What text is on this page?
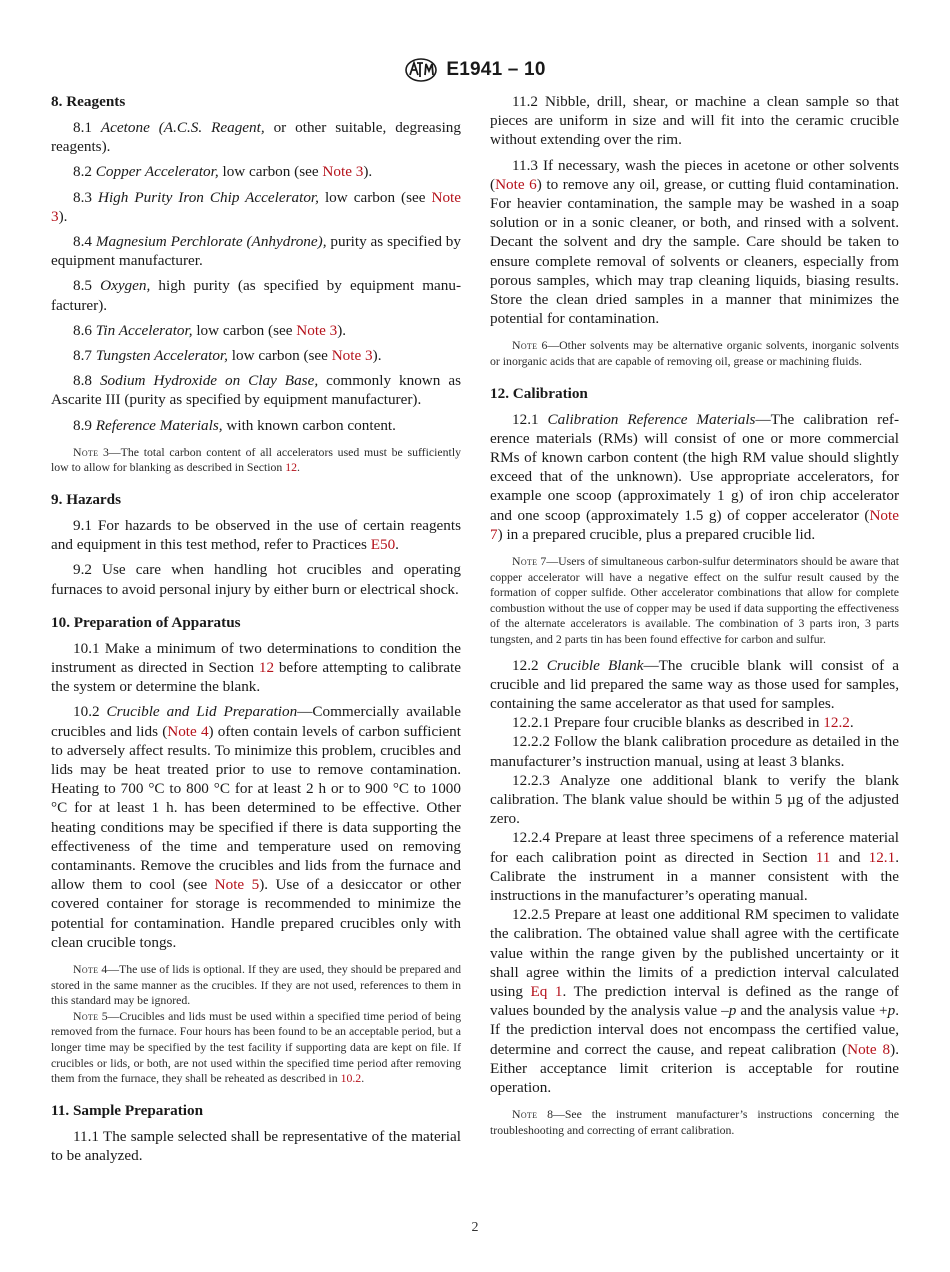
E1941 – 10
8. Reagents

8.1 Acetone (A.C.S. Reagent, or other suitable, degreasing reagents).

8.2 Copper Accelerator, low carbon (see Note 3).

8.3 High Purity Iron Chip Accelerator, low carbon (see Note 3).

8.4 Magnesium Perchlorate (Anhydrone), purity as specified by equipment manufacturer.

8.5 Oxygen, high purity (as specified by equipment manufacturer).

8.6 Tin Accelerator, low carbon (see Note 3).

8.7 Tungsten Accelerator, low carbon (see Note 3).

8.8 Sodium Hydroxide on Clay Base, commonly known as Ascarite III (purity as specified by equipment manufacturer).

8.9 Reference Materials, with known carbon content.

Note 3—The total carbon content of all accelerators used must be sufficiently low to allow for blanking as described in Section 12.

9. Hazards

9.1 For hazards to be observed in the use of certain reagents and equipment in this test method, refer to Practices E50.

9.2 Use care when handling hot crucibles and operating furnaces to avoid personal injury by either burn or electrical shock.

10. Preparation of Apparatus

10.1 Make a minimum of two determinations to condition the instrument as directed in Section 12 before attempting to calibrate the system or determine the blank.

10.2 Crucible and Lid Preparation—Commercially available crucibles and lids (Note 4) often contain levels of carbon sufficient to adversely affect results. To minimize this problem, crucibles and lids may be heat treated prior to use to remove contamination. Heating to 700 °C to 800 °C for at least 2 h or to 900 °C to 1000 °C for at least 1 h. has been determined to be effective. Other heating conditions may be specified if there is data supporting the effectiveness of the time and temperature used on removing contaminants. Remove the crucibles and lids from the furnace and allow them to cool (see Note 5). Use of a desiccator or other covered container for storage is recommended to minimize the potential for contamination. Handle prepared crucibles only with clean crucible tongs.

Note 4—The use of lids is optional. If they are used, they should be prepared and stored in the same manner as the crucibles. If they are not used, references to them in this standard may be ignored.

Note 5—Crucibles and lids must be used within a specified time period of being removed from the furnace. Four hours has been found to be an acceptable period, but a longer time may be specified by the test facility if supporting data are kept on file. If crucibles or lids, or both, are not used within the specified time period after removing them from the furnace, they shall be reheated as described in 10.2.

11. Sample Preparation

11.1 The sample selected shall be representative of the material to be analyzed.

11.2 Nibble, drill, shear, or machine a clean sample so that pieces are uniform in size and will fit into the ceramic crucible without extending over the rim.

11.3 If necessary, wash the pieces in acetone or other solvents (Note 6) to remove any oil, grease, or cutting fluid contamination. For heavier contamination, the sample may be washed in a soap solution or in a sonic cleaner, or both, and rinsed with a solvent. Decant the solvent and dry the sample. Care should be taken to ensure complete removal of solvents or cleaners, especially from porous samples, which may trap cleaning liquids, biasing results. Store the clean dried samples in a manner that minimizes the potential for contamination.

Note 6—Other solvents may be alternative organic solvents, inorganic solvents or inorganic acids that are capable of removing oil, grease or machining fluids.

12. Calibration

12.1 Calibration Reference Materials—The calibration reference materials (RMs) will consist of one or more commercial RMs of known carbon content (the high RM value should slightly exceed that of the unknown). Use appropriate accelerators, for example one scoop (approximately 1 g) of iron chip accelerator and one scoop (approximately 1.5 g) of copper accelerator (Note 7) in a prepared crucible, plus a prepared crucible lid.

Note 7—Users of simultaneous carbon-sulfur determinators should be aware that copper accelerator will have a negative effect on the sulfur result caused by the formation of copper sulfide. Other accelerator combinations that allow for complete combustion without the use of copper may be used if data supporting the effectiveness of the alternate accelerators is available. The combination of 3 parts iron, 3 parts tungsten, and 2 parts tin has been found effective for carbon and sulfur.

12.2 Crucible Blank—The crucible blank will consist of a crucible and lid prepared the same way as those used for samples, containing the same accelerator as that used for samples.

12.2.1 Prepare four crucible blanks as described in 12.2.

12.2.2 Follow the blank calibration procedure as detailed in the manufacturer’s instruction manual, using at least 3 blanks.

12.2.3 Analyze one additional blank to verify the blank calibration. The blank value should be within 5 µg of the adjusted zero.

12.2.4 Prepare at least three specimens of a reference material for each calibration point as directed in Section 11 and 12.1. Calibrate the instrument in a manner consistent with the instructions in the manufacturer’s operating manual.

12.2.5 Prepare at least one additional RM specimen to validate the calibration. The obtained value shall agree with the certificate value within the range given by the published uncertainty or it shall agree within the limits of a prediction interval calculated using Eq 1. The prediction interval is defined as the range of values bounded by the analysis value –p and the analysis value +p. If the prediction interval does not encompass the certified value, determine and correct the cause, and repeat calibration (Note 8). Either acceptance limit criterion is acceptable for routine operation.

Note 8—See the instrument manufacturer’s instructions concerning the troubleshooting and correcting of errant calibration.

2
